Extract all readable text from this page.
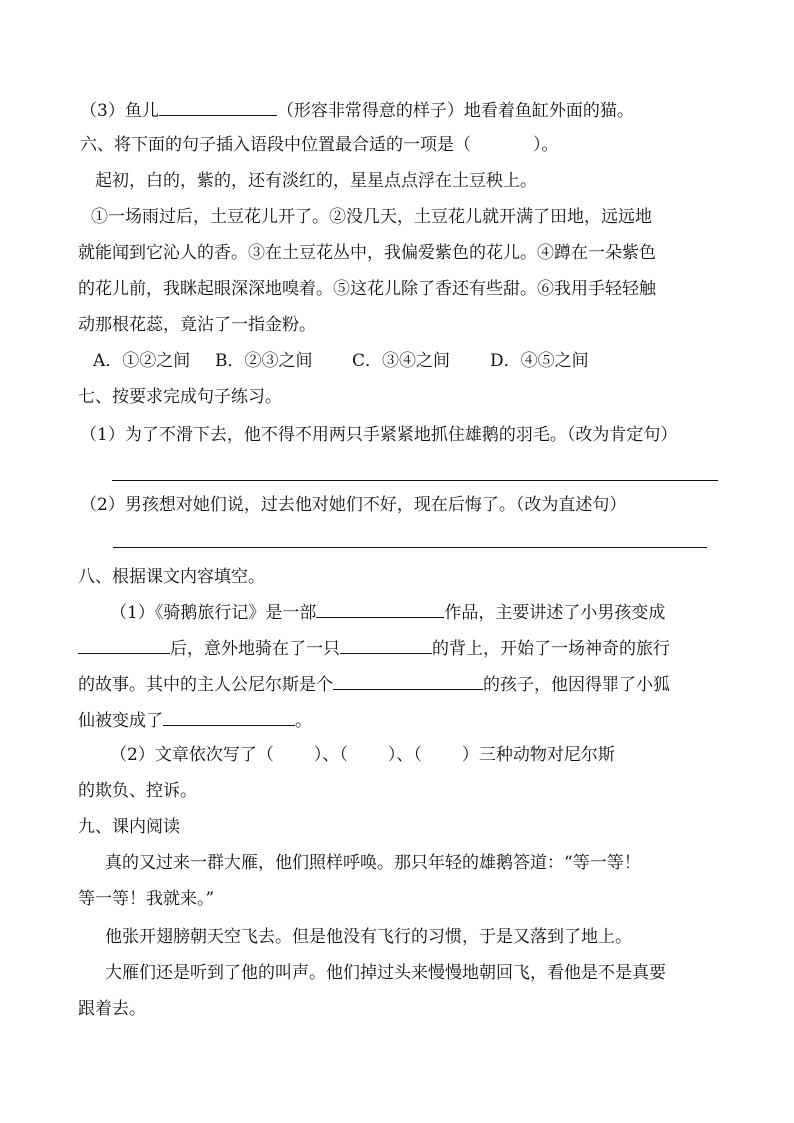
（3）鱼儿	（形容非常得意的样子）地看着鱼缸外面的猫。
六、将下面的句子插入语段中位置最合适的一项是（	）。
起初，白的，紫的，还有淡红的，星星点点浮在土豆秧上。
①一场雨过后，土豆花儿开了。②没几天，土豆花儿就开满了田地，远远地
就能闻到它沁人的香。③在土豆花丛中，我偏爱紫色的花儿。④蹲在一朵紫色
的花儿前，我眯起眼深深地嗅着。⑤这花儿除了香还有些甜。⑥我用手轻轻触
动那根花蕊，竟沾了一指金粉。
A．①②之间 B．②③之间 C．③④之间 D．④⑤之间
七、按要求完成句子练习。
（1）为了不滑下去，他不得不用两只手紧紧地抓住雄鹅的羽毛。（改为肯定句）
（2）男孩想对她们说，过去他对她们不好，现在后悔了。（改为直述句）
八、根据课文内容填空。
（1）《骑鹅旅行记》是一部	作品，主要讲述了小男孩变成
后，意外地骑在了一只	的背上，开始了一场神奇的旅行
的故事。其中的主人公尼尔斯是个	的孩子，他因得罪了小狐
仙被变成了	。
（2）文章依次写了（ ）、（ ）、（ ）三种动物对尼尔斯
的欺负、控诉。
九、课内阅读
真的又过来一群大雁，他们照样呼唤。那只年轻的雄鹅答道：“等一等！
等一等！我就来。”
他张开翅膀朝天空飞去。但是他没有飞行的习惯，于是又落到了地上。
大雁们还是听到了他的叫声。他们掉过头来慢慢地朝回飞，看他是不是真要
跟着去。
